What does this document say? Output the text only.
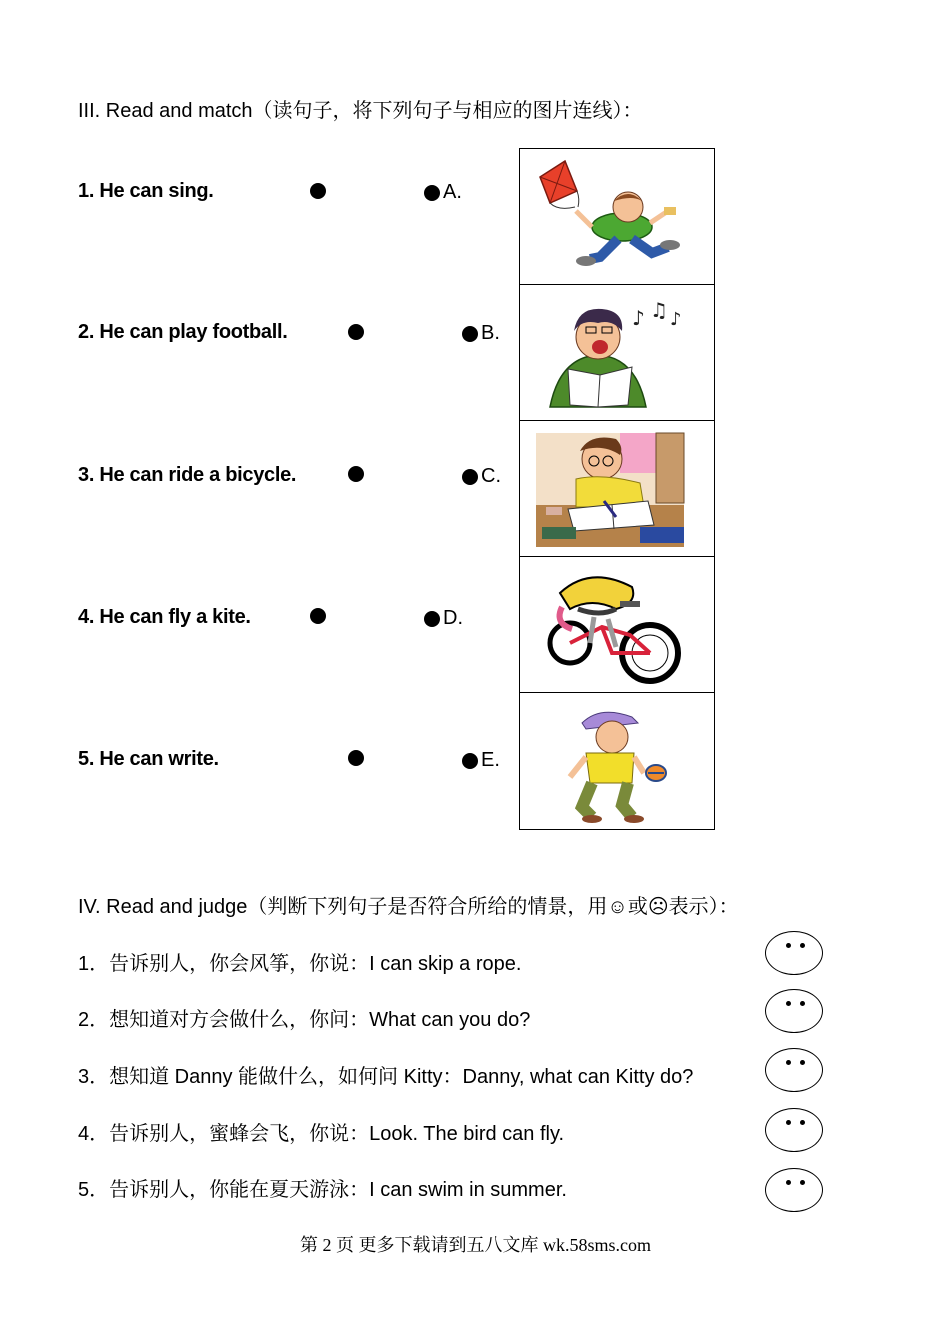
III. Read and match（读句子，将下列句子与相应的图片连线）：
1. He can sing.	A.
2. He can play football.	B.
3. He can ride a bicycle.	C.
4. He can fly a kite.	D.
5. He can write.	E.
♪ ♫ ♪
IV. Read and judge（判断下列句子是否符合所给的情景，用☺或☹表示）：
1．告诉别人，你会风筝，你说：I can skip a rope.
2．想知道对方会做什么，你问：What can you do?
3．想知道 Danny 能做什么，如何问 Kitty：Danny, what can Kitty do?
4．告诉别人，蜜蜂会飞，你说：Look. The bird can fly.
5．告诉别人，你能在夏天游泳：I can swim in summer.
第 2 页 更多下载请到五八文库 wk.58sms.com
